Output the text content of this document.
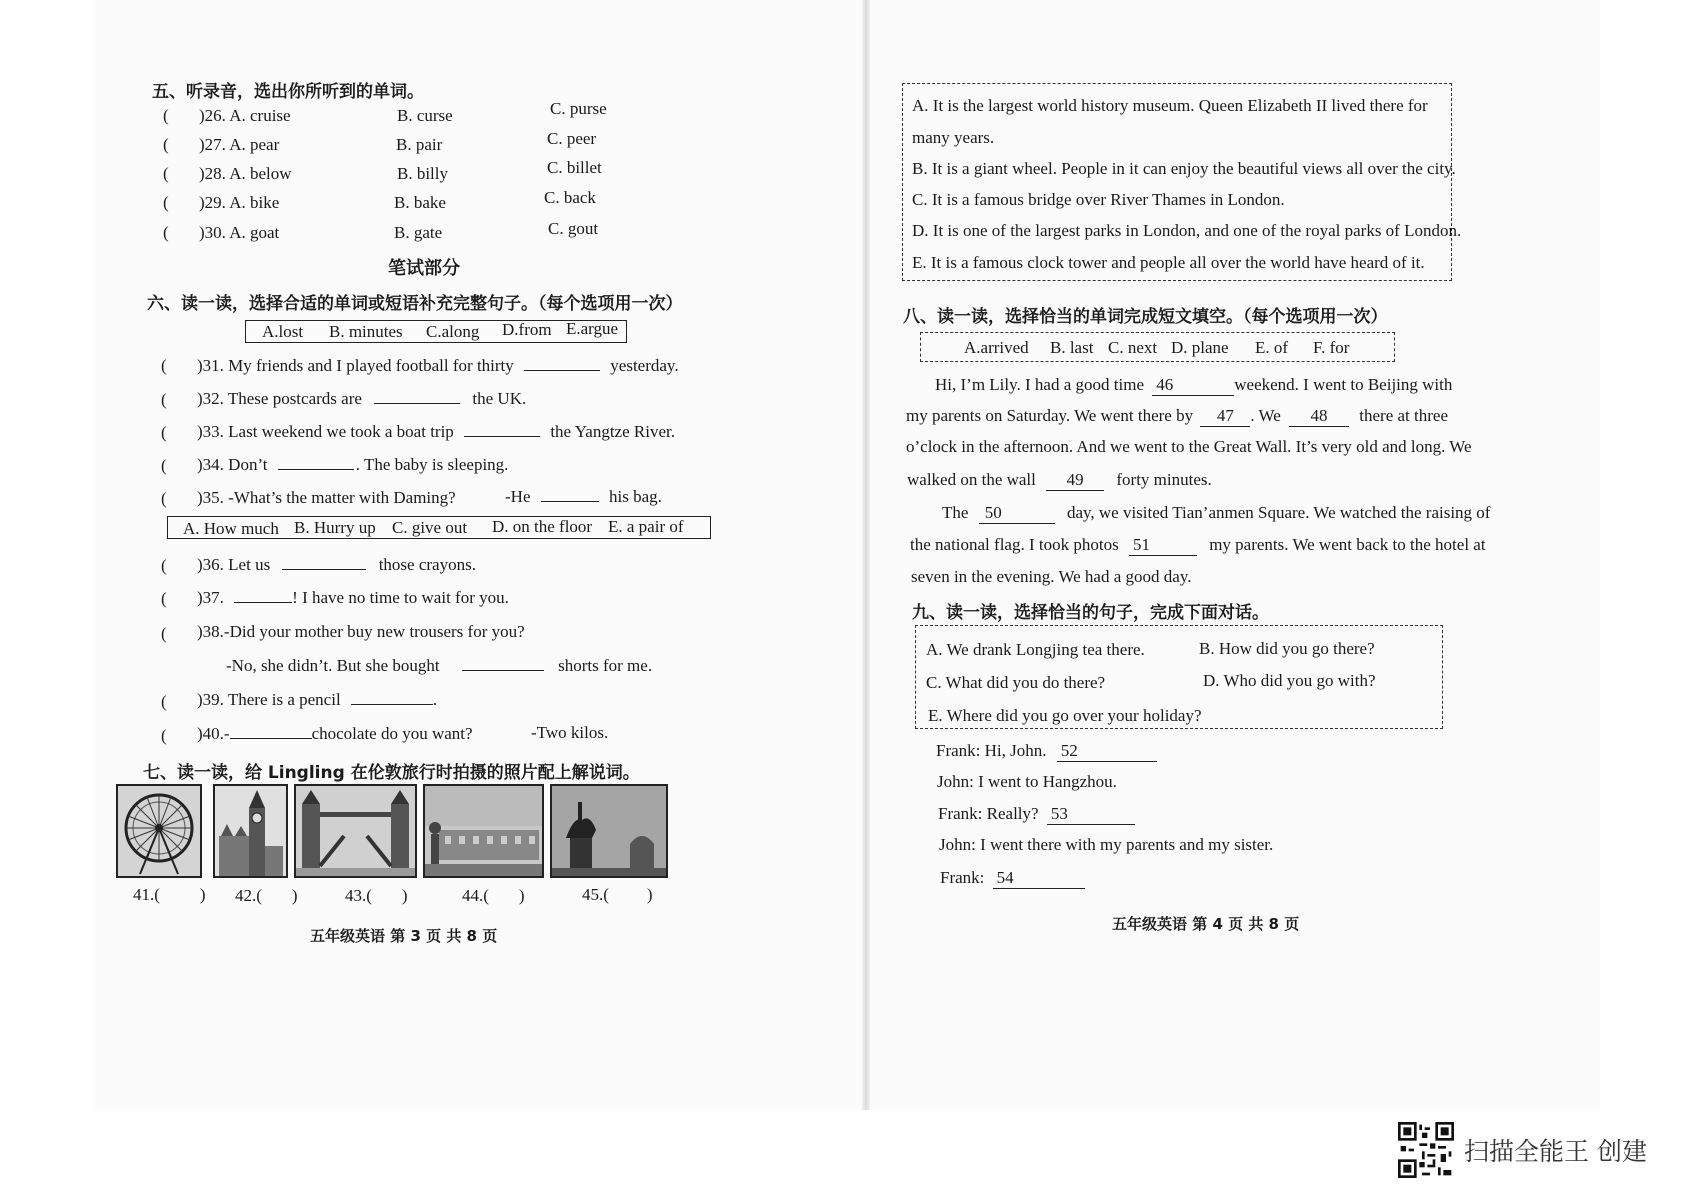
五、听录音，选出你所听到的单词。
( )26. A. cruise	B. curse	C. purse
( )27. A. pear	B. pair	C. peer
( )28. A. below	B. billy	C. billet
( )29. A. bike	B. bake	C. back
( )30. A. goat	B. gate	C. gout
笔试部分
六、读一读，选择合适的单词或短语补充完整句子。（每个选项用一次）
A.lost B. minutes C.along D.from E.argue
( )31. My friends and I played football for thirty	yesterday.
( )32. These postcards are	the UK.
( )33. Last weekend we took a boat trip	the Yangtze River.
( )34. Don’t	. The baby is sleeping.
( )35. -What’s the matter with Daming?	-He	his bag.
A. How much B. Hurry up C. give out D. on the floor E. a pair of
( )36. Let us	those crayons.
( )37.	! I have no time to wait for you.
( )38.-Did your mother buy new trousers for you?
-No, she didn’t. But she bought	shorts for me.
( )39. There is a pencil	.
( )40.-	chocolate do you want?	-Two kilos.
七、读一读，给 Lingling 在伦敦旅行时拍摄的照片配上解说词。
41.( ) 42.( )	43.( )	44.( )	45.( )
五年级英语 第 3 页 共 8 页
A. It is the largest world history museum. Queen Elizabeth II lived there for
many years.
B. It is a giant wheel. People in it can enjoy the beautiful views all over the city.
C. It is a famous bridge over River Thames in London.
D. It is one of the largest parks in London, and one of the royal parks of London.
E. It is a famous clock tower and people all over the world have heard of it.
八、读一读，选择恰当的单词完成短文填空。（每个选项用一次）
A.arrived B. last C. next D. plane E. of F. for
Hi, I’m Lily. I had a good time 46	weekend. I went to Beijing with
my parents on Saturday. We went there by 47 . We 48 there at three
o’clock in the afternoon. And we went to the Great Wall. It’s very old and long. We
walked on the wall 49 forty minutes.
The 50	day, we visited Tian’anmen Square. We watched the raising of
the national flag. I took photos 51	my parents. We went back to the hotel at
seven in the evening. We had a good day.
九、读一读，选择恰当的句子，完成下面对话。
A. We drank Longjing tea there.	B. How did you go there?
C. What did you do there?	D. Who did you go with?
E. Where did you go over your holiday?
Frank: Hi, John. 52
John: I went to Hangzhou.
Frank: Really? 53
John: I went there with my parents and my sister.
Frank: 54
五年级英语 第 4 页 共 8 页
扫描全能王 创建
